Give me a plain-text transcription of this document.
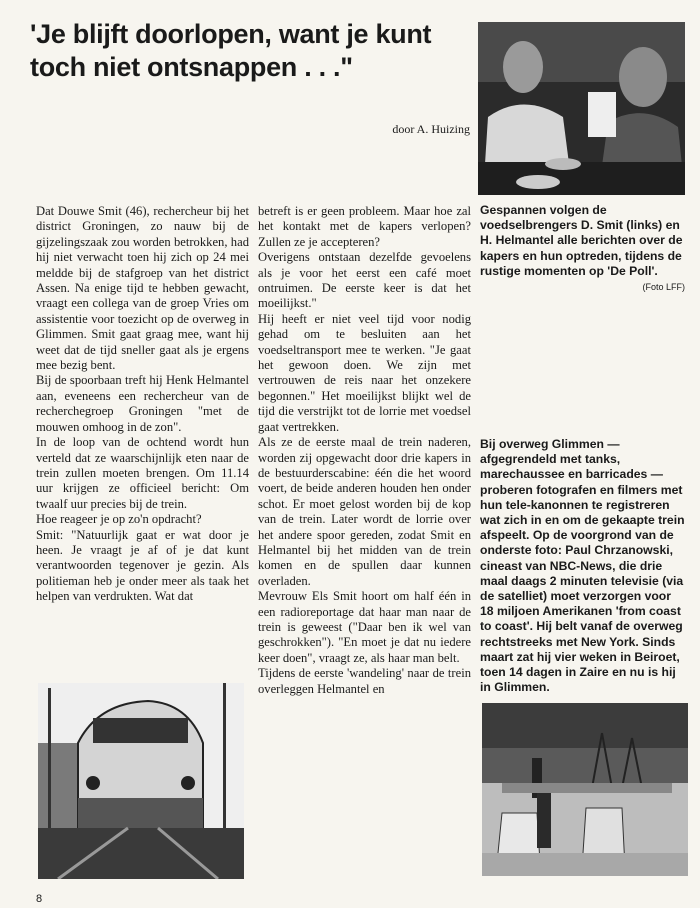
'Je blijft doorlopen, want je kunt toch niet ontsnappen . . ."

door A. Huizing

Dat Douwe Smit (46), rechercheur bij het district Groningen, zo nauw bij de gijzelingszaak zou worden betrokken, had hij niet verwacht toen hij zich op 24 mei meldde bij de stafgroep van het district Assen. Na enige tijd te hebben gewacht, vraagt een collega van de groep Vries om assistentie voor toezicht op de overweg in Glimmen. Smit gaat graag mee, want hij weet dat de tijd sneller gaat als je ergens mee bezig bent.

Bij de spoorbaan treft hij Henk Helmantel aan, eveneens een rechercheur van de recherchegroep Groningen "met de mouwen omhoog in de zon".

In de loop van de ochtend wordt hun verteld dat ze waarschijnlijk eten naar de trein zullen moeten brengen. Om 11.14 uur krijgen ze officieel bericht: Om twaalf uur precies bij de trein.

Hoe reageer je op zo'n opdracht?

Smit: "Natuurlijk gaat er wat door je heen. Je vraagt je af of je dat kunt verantwoorden tegenover je gezin. Als politieman heb je onder meer als taak het helpen van verdrukten. Wat dat

betreft is er geen probleem. Maar hoe zal het kontakt met de kapers verlopen? Zullen ze je accepteren?

Overigens ontstaan dezelfde gevoelens als je voor het eerst een café moet ontruimen. De eerste keer is dat het moeilijkst."

Hij heeft er niet veel tijd voor nodig gehad om te besluiten aan het voedseltransport mee te werken. "Je gaat het gewoon doen. We zijn met vertrouwen de reis naar het onzekere begonnen." Het moeilijkst blijkt wel de tijd die verstrijkt tot de lorrie met voedsel gaat vertrekken.

Als ze de eerste maal de trein naderen, worden zij opgewacht door drie kapers in de bestuurderscabine: één die het woord voert, de beide anderen houden hen onder schot. Er moet gelost worden bij de kop van de trein. Later wordt de lorrie over het andere spoor gereden, zodat Smit en Helmantel bij het midden van de trein komen en de spullen daar kunnen overladen.

Mevrouw Els Smit hoort om half één in een radioreportage dat haar man naar de trein is geweest ("Daar ben ik wel van geschrokken"). "En moet je dat nu iedere keer doen", vraagt ze, als haar man belt.

Tijdens de eerste 'wandeling' naar de trein overleggen Helmantel en

Gespannen volgen de voedselbrengers D. Smit (links) en H. Helmantel alle berichten over de kapers en hun optreden, tijdens de rustige momenten op 'De Poll'.

(Foto LFF)

Bij overweg Glimmen — afgegrendeld met tanks, marechaussee en barricades — proberen fotografen en filmers met hun tele-kanonnen te registreren wat zich in en om de gekaapte trein afspeelt. Op de voorgrond van de onderste foto: Paul Chrzanowski, cineast van NBC-News, die drie maal daags 2 minuten televisie (via de satelliet) moet verzorgen voor 18 miljoen Amerikanen 'from coast to coast'. Hij belt vanaf de overweg rechtstreeks met New York. Sinds maart zat hij vier weken in Beiroet, toen 14 dagen in Zaire en nu is hij in Glimmen.

8
